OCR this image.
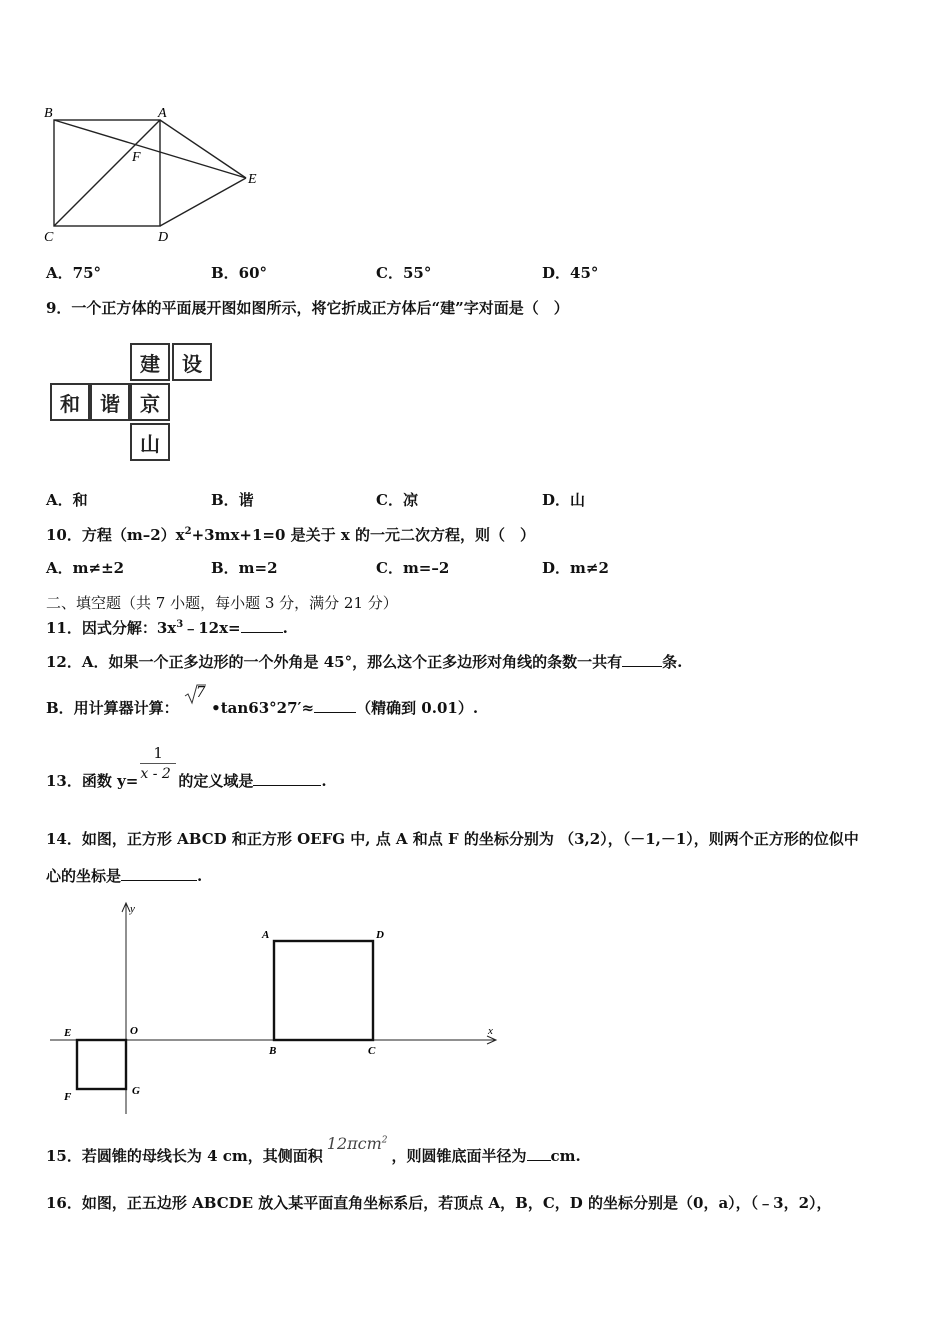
B	A
F
E
C	D
A．75°	B．60°	C．55°	D．45°
9．一个正方体的平面展开图如图所示，将它折成正方体后“建”字对面是（　）
建	设
和	谐	京
山
A．和	B．谐	C．凉	D．山
10．方程$(m-2)x^2+3mx+1=0$ 是关于 x 的一元二次方程，则（　）
A．m≠±2	B．m=2	C．m=–2	D．m≠2
二、填空题（共 7 小题，每小题 3 分，满分 21 分）
11．因式分解：$3x^3﹣12x=$	.
12．A．如果一个正多边形的一个外角是 45°，那么这个正多边形对角线的条数一共有	条.
B．用计算器计算：
7
•tan63°27′≈	（精确到 0.01）.
13．函数 $y= \frac{1}{x - 2}$ 的定义域是	.
14．如图，正方形 ABCD 和正方形 OEFG 中, 点 A 和点 F 的坐标分别为 （3,2），（－1,－1），则两个正方形的位似中
心的坐标是	.
y
x
O
E
F	G
A	D
B	C
15．若圆锥的母线长为 4 cm，其侧面积12πcm$^2$，则圆锥底面半径为 cm.
16．如图，正五边形 ABCDE 放入某平面直角坐标系后，若顶点 A，B，C，D 的坐标分别是（0，a），（﹣3，2），
